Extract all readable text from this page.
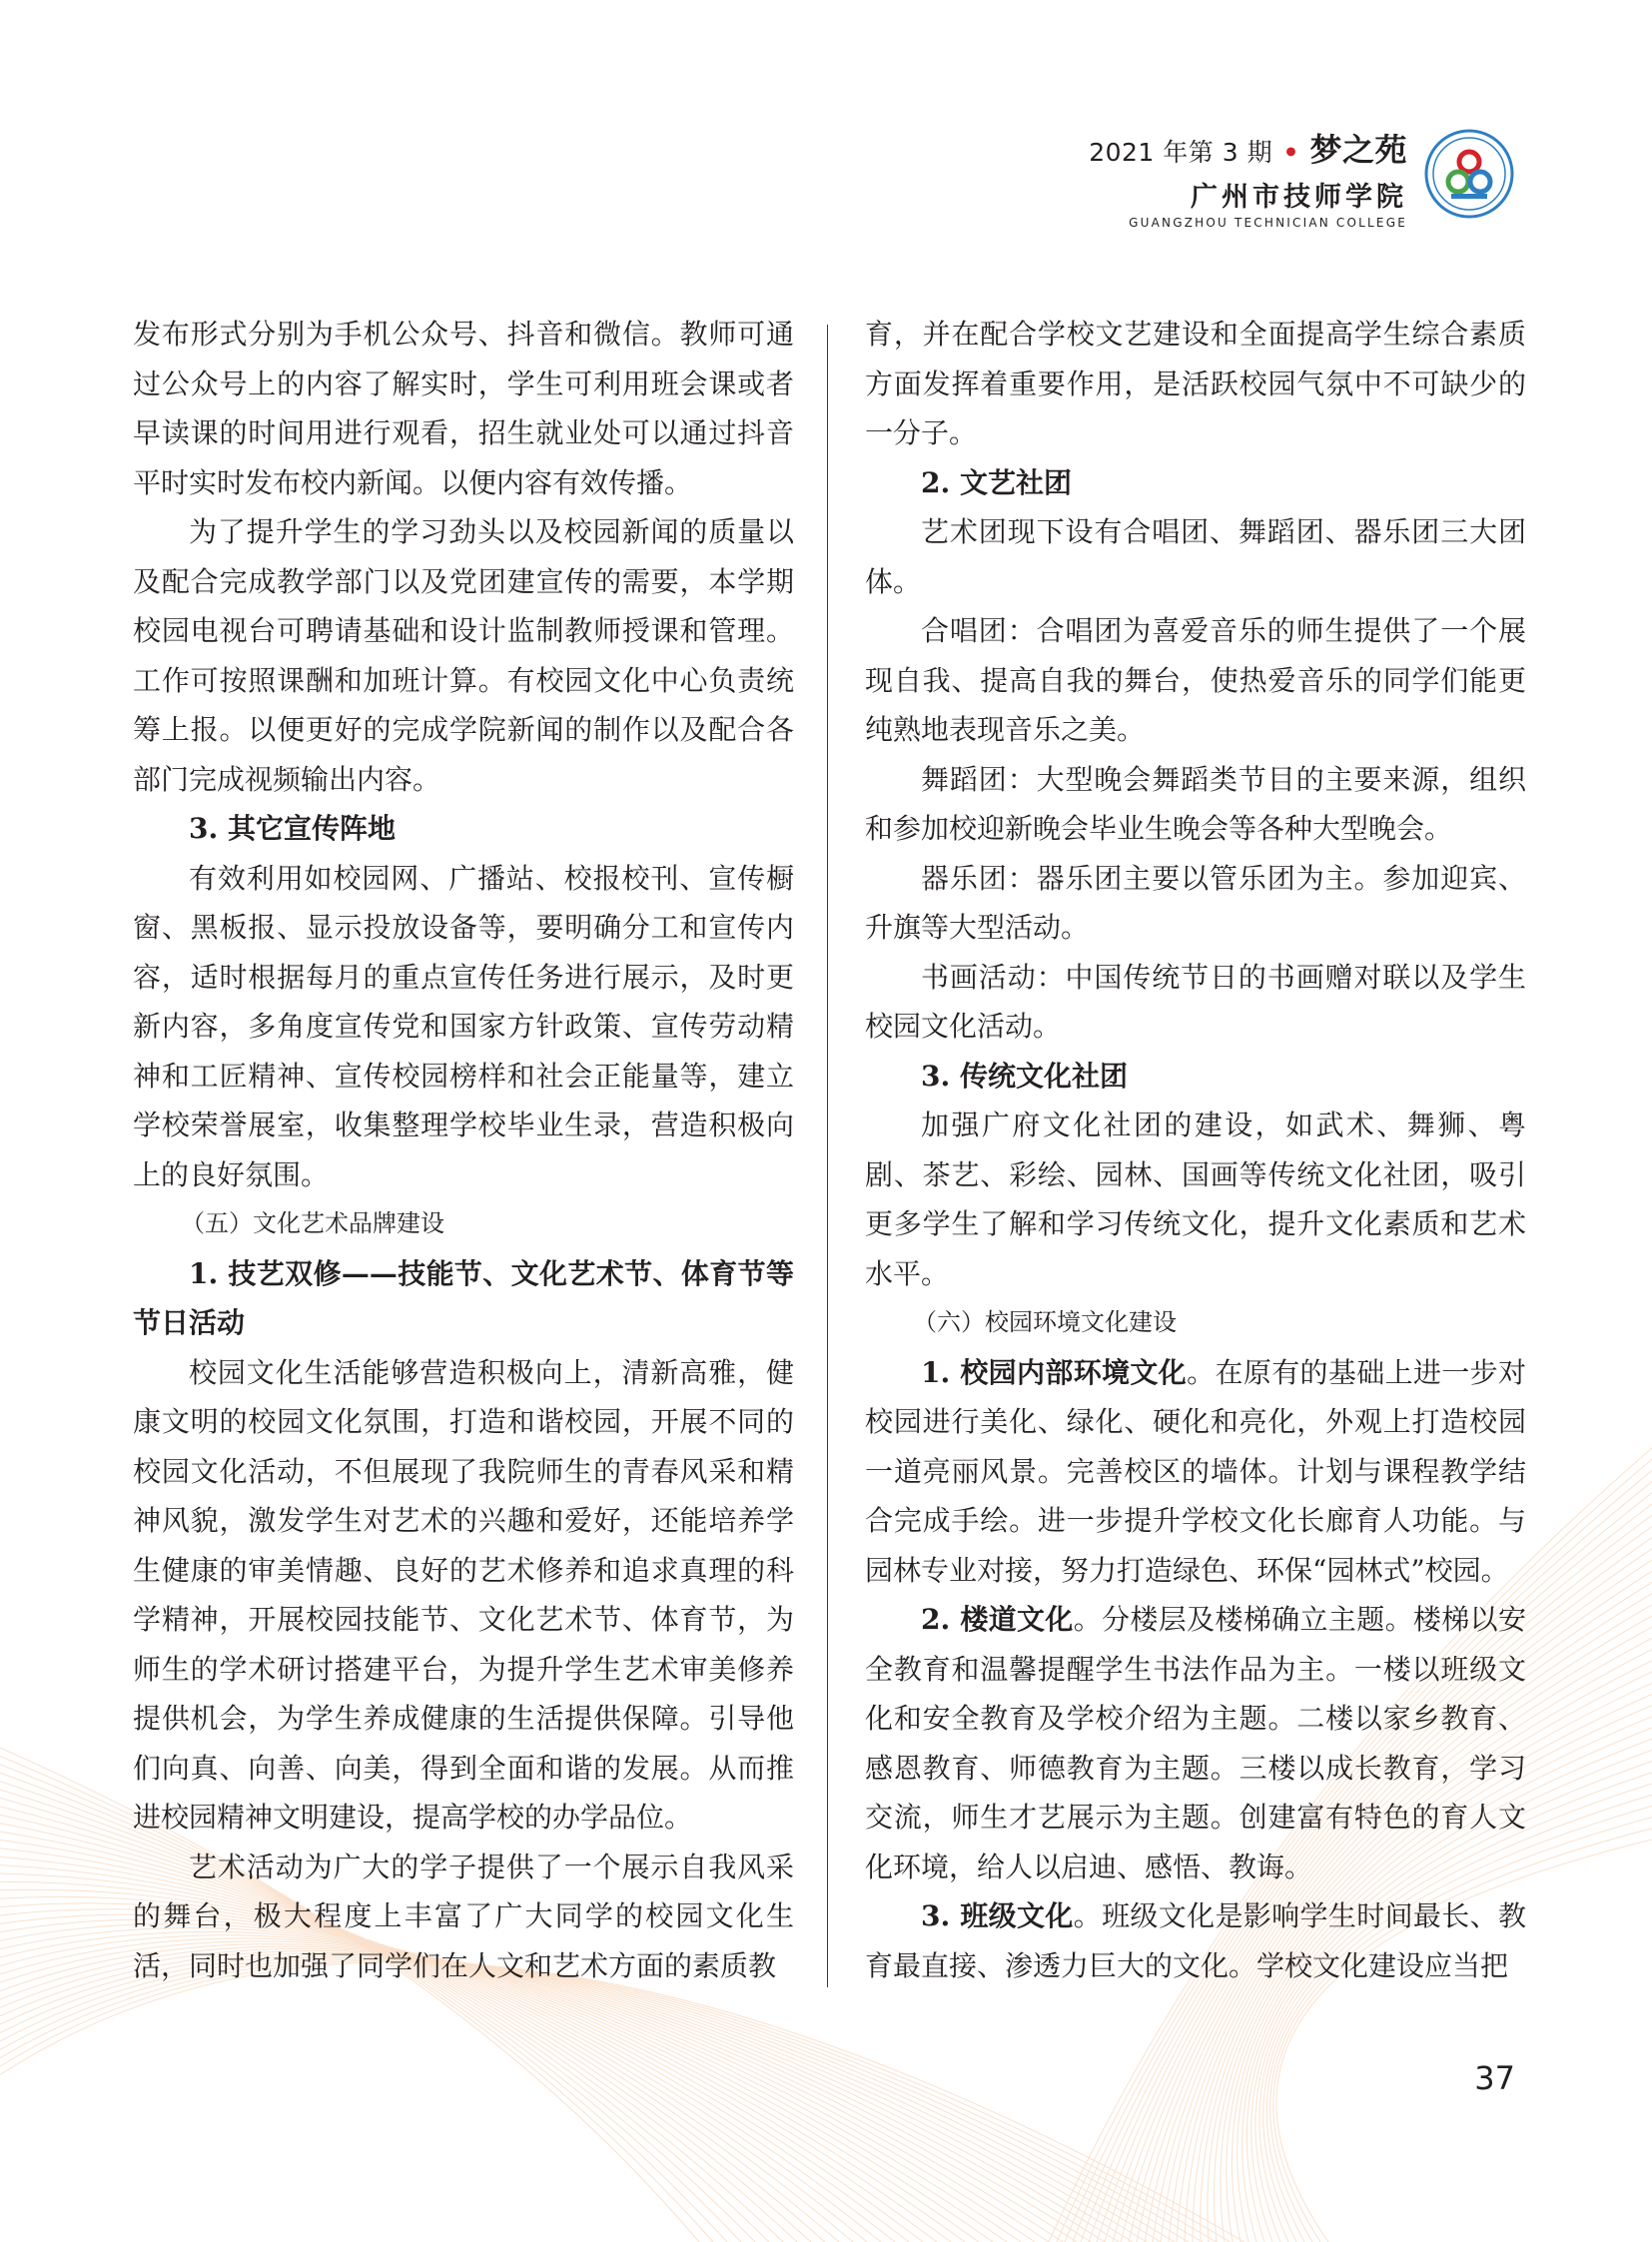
2021 年第 3 期 • 梦之苑
广州市技师学院
GUANGZHOU TECHNICIAN COLLEGE

发布形式分别为手机公众号、抖音和微信。教师可通过公众号上的内容了解实时，学生可利用班会课或者早读课的时间用进行观看，招生就业处可以通过抖音平时实时发布校内新闻。以便内容有效传播。

为了提升学生的学习劲头以及校园新闻的质量以及配合完成教学部门以及党团建宣传的需要，本学期校园电视台可聘请基础和设计监制教师授课和管理。工作可按照课酬和加班计算。有校园文化中心负责统筹上报。以便更好的完成学院新闻的制作以及配合各部门完成视频输出内容。

3. 其它宣传阵地

有效利用如校园网、广播站、校报校刊、宣传橱窗、黑板报、显示投放设备等，要明确分工和宣传内容，适时根据每月的重点宣传任务进行展示，及时更新内容，多角度宣传党和国家方针政策、宣传劳动精神和工匠精神、宣传校园榜样和社会正能量等，建立学校荣誉展室，收集整理学校毕业生录，营造积极向上的良好氛围。

（五）文化艺术品牌建设

1. 技艺双修——技能节、文化艺术节、体育节等节日活动

校园文化生活能够营造积极向上，清新高雅，健康文明的校园文化氛围，打造和谐校园，开展不同的校园文化活动，不但展现了我院师生的青春风采和精神风貌，激发学生对艺术的兴趣和爱好，还能培养学生健康的审美情趣、良好的艺术修养和追求真理的科学精神，开展校园技能节、文化艺术节、体育节，为师生的学术研讨搭建平台，为提升学生艺术审美修养提供机会，为学生养成健康的生活提供保障。引导他们向真、向善、向美，得到全面和谐的发展。从而推进校园精神文明建设，提高学校的办学品位。

艺术活动为广大的学子提供了一个展示自我风采的舞台，极大程度上丰富了广大同学的校园文化生活，同时也加强了同学们在人文和艺术方面的素质教

育，并在配合学校文艺建设和全面提高学生综合素质方面发挥着重要作用，是活跃校园气氛中不可缺少的一分子。

2. 文艺社团

艺术团现下设有合唱团、舞蹈团、器乐团三大团体。

合唱团：合唱团为喜爱音乐的师生提供了一个展现自我、提高自我的舞台，使热爱音乐的同学们能更纯熟地表现音乐之美。

舞蹈团：大型晚会舞蹈类节目的主要来源，组织和参加校迎新晚会毕业生晚会等各种大型晚会。

器乐团：器乐团主要以管乐团为主。参加迎宾、升旗等大型活动。

书画活动：中国传统节日的书画赠对联以及学生校园文化活动。

3. 传统文化社团

加强广府文化社团的建设，如武术、舞狮、粤剧、茶艺、彩绘、园林、国画等传统文化社团，吸引更多学生了解和学习传统文化，提升文化素质和艺术水平。

（六）校园环境文化建设

1. 校园内部环境文化。在原有的基础上进一步对校园进行美化、绿化、硬化和亮化，外观上打造校园一道亮丽风景。完善校区的墙体。计划与课程教学结合完成手绘。进一步提升学校文化长廊育人功能。与园林专业对接，努力打造绿色、环保“园林式”校园。

2. 楼道文化。分楼层及楼梯确立主题。楼梯以安全教育和温馨提醒学生书法作品为主。一楼以班级文化和安全教育及学校介绍为主题。二楼以家乡教育、感恩教育、师德教育为主题。三楼以成长教育，学习交流，师生才艺展示为主题。创建富有特色的育人文化环境，给人以启迪、感悟、教诲。

3. 班级文化。班级文化是影响学生时间最长、教育最直接、渗透力巨大的文化。学校文化建设应当把

37
